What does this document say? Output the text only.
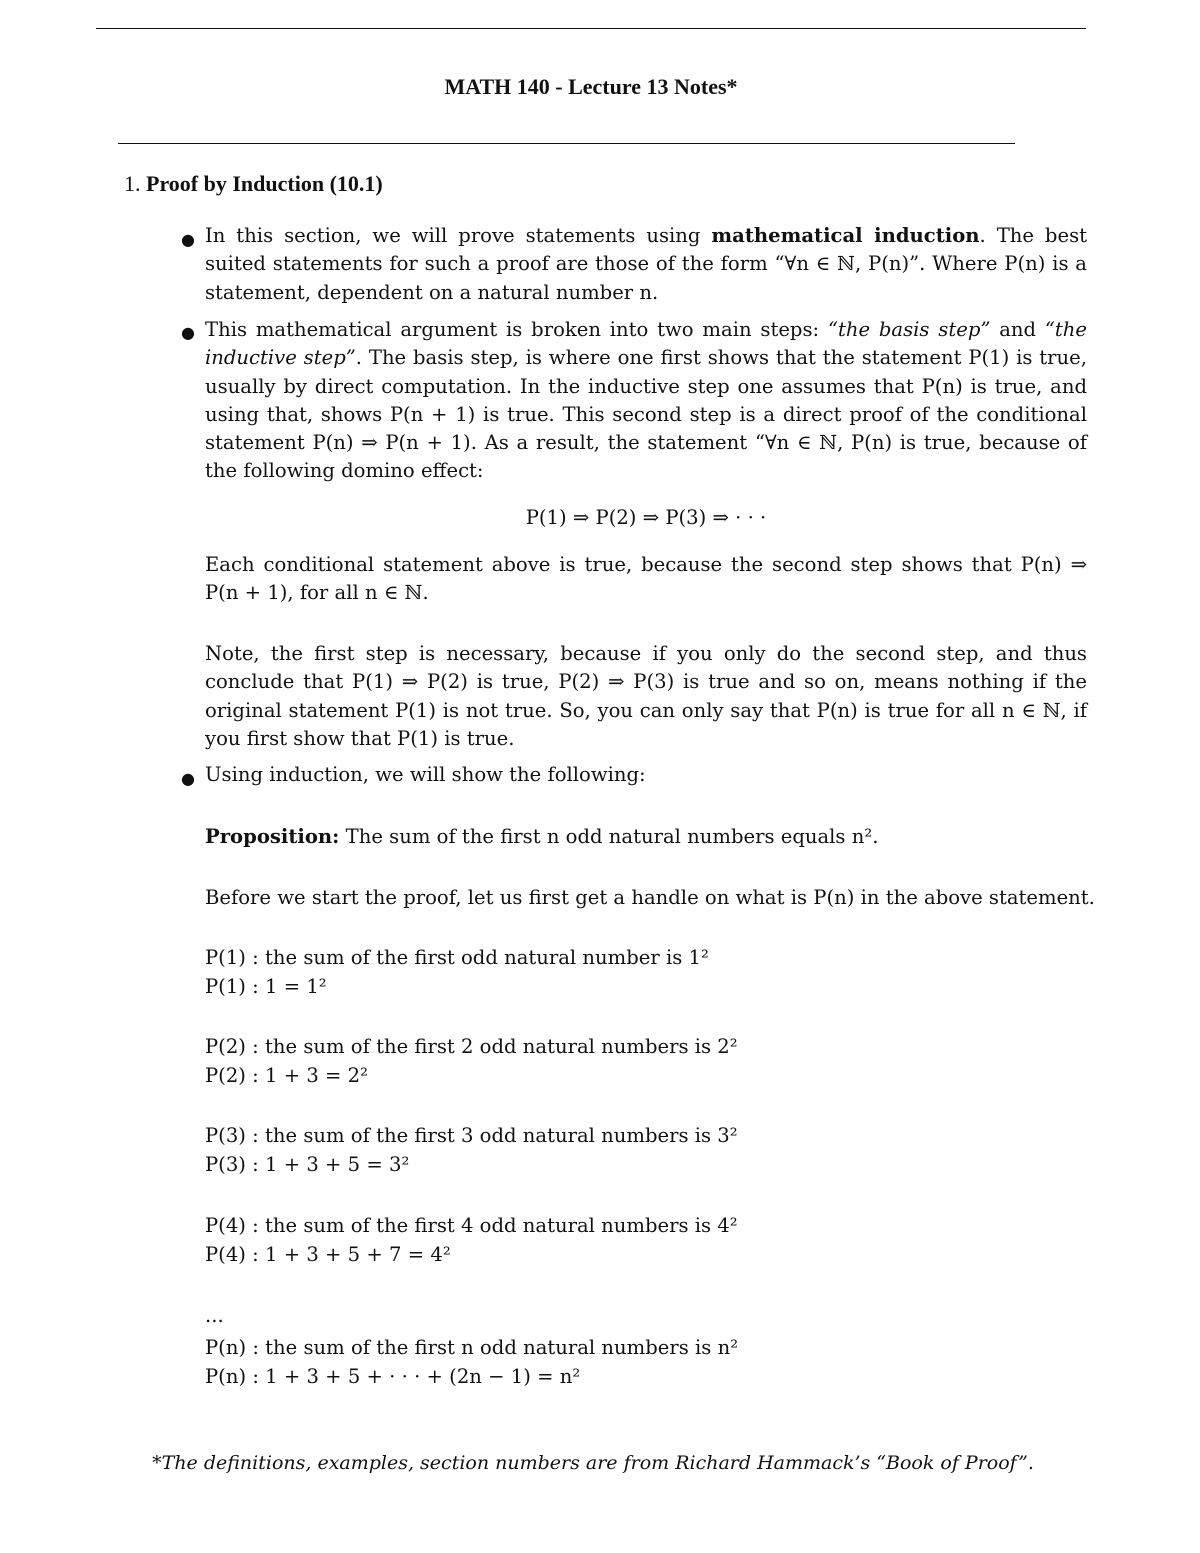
MATH 140 - Lecture 13 Notes*
1. Proof by Induction (10.1)
● In this section, we will prove statements using mathematical induction. The best suited statements for such a proof are those of the form “∀n ∈ ℕ, P(n)”. Where P(n) is a statement, dependent on a natural number n.

● This mathematical argument is broken into two main steps: “the basis step” and “the inductive step”. The basis step, is where one first shows that the statement P(1) is true, usually by direct computation. In the inductive step one assumes that P(n) is true, and using that, shows P(n + 1) is true. This second step is a direct proof of the conditional statement P(n) ⇒ P(n + 1). As a result, the statement “∀n ∈ ℕ, P(n) is true, because of the following domino effect:

P(1) ⇒ P(2) ⇒ P(3) ⇒ · · ·

Each conditional statement above is true, because the second step shows that P(n) ⇒ P(n + 1), for all n ∈ ℕ.

Note, the first step is necessary, because if you only do the second step, and thus conclude that P(1) ⇒ P(2) is true, P(2) ⇒ P(3) is true and so on, means nothing if the original statement P(1) is not true. So, you can only say that P(n) is true for all n ∈ ℕ, if you first show that P(1) is true.

● Using induction, we will show the following:
Proposition: The sum of the first n odd natural numbers equals n².
Before we start the proof, let us first get a handle on what is P(n) in the above statement.
P(1) : the sum of the first odd natural number is 1²
P(1) : 1 = 1²
P(2) : the sum of the first 2 odd natural numbers is 2²
P(2) : 1 + 3 = 2²
P(3) : the sum of the first 3 odd natural numbers is 3²
P(3) : 1 + 3 + 5 = 3²
P(4) : the sum of the first 4 odd natural numbers is 4²
P(4) : 1 + 3 + 5 + 7 = 4²
...
P(n) : the sum of the first n odd natural numbers is n²
P(n) : 1 + 3 + 5 + · · · + (2n − 1) = n²
*The definitions, examples, section numbers are from Richard Hammack’s “Book of Proof”.
